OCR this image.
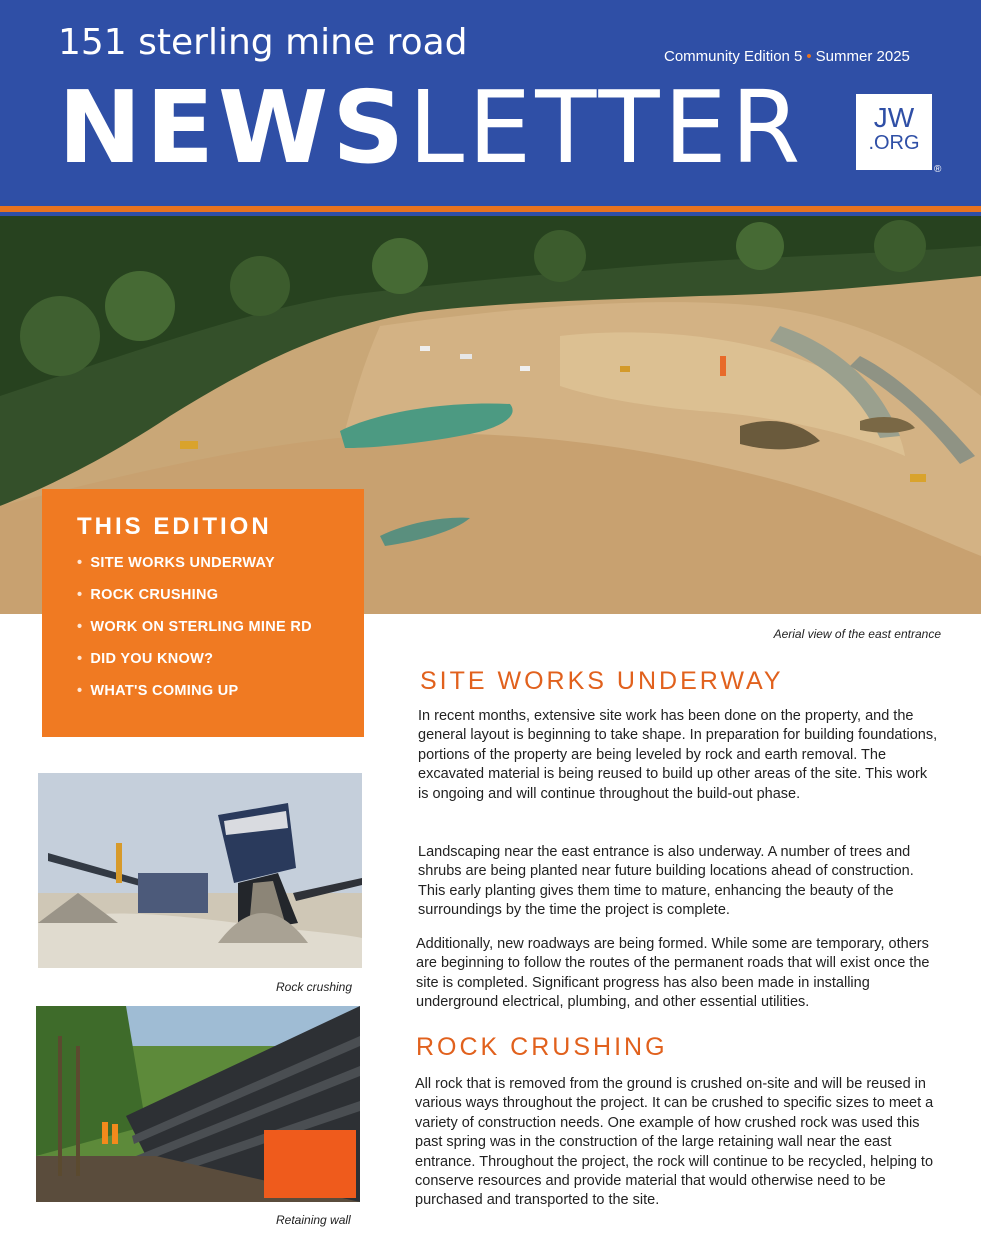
151 sterling mine road	Community Edition 5 • Summer 2025
NEWSLETTER	JW
.ORG
®
Aerial view of the east entrance
THIS EDITION
• SITE WORKS UNDERWAY
• ROCK CRUSHING
• WORK ON STERLING MINE RD
• DID YOU KNOW?
• WHAT'S COMING UP
Rock crushing
Retaining wall
SITE WORKS UNDERWAY

In recent months, extensive site work has been done on the property, and the general layout is beginning to take shape. In preparation for building foundations, portions of the property are being leveled by rock and earth removal. The excavated material is being reused to build up other areas of the site. This work is ongoing and will continue throughout the build-out phase.

Landscaping near the east entrance is also underway. A number of trees and shrubs are being planted near future building locations ahead of construction. This early planting gives them time to mature, enhancing the beauty of the surroundings by the time the project is complete.

Additionally, new roadways are being formed. While some are temporary, others are beginning to follow the routes of the permanent roads that will exist once the site is completed. Significant progress has also been made in installing underground electrical, plumbing, and other essential utilities.

ROCK CRUSHING

All rock that is removed from the ground is crushed on-site and will be reused in various ways throughout the project. It can be crushed to specific sizes to meet a variety of construction needs. One example of how crushed rock was used this past spring was in the construction of the large retaining wall near the east entrance. Throughout the project, the rock will continue to be recycled, helping to conserve resources and provide material that would otherwise need to be purchased and transported to the site.
